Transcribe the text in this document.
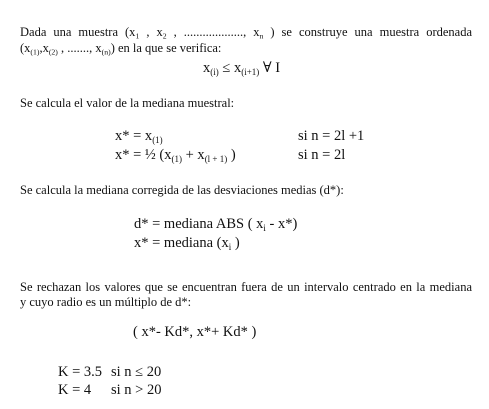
Dada una muestra ($x_1$ , $x_2$ , ..................., $x_n$ ) se construye una muestra ordenada
($x_{(1)},x_{(2)}$ , ......., $x_{(n)}$) en la que se verifica:
$x_{(i)} \le x_{(i+1)}$ ∀ I
Se calcula el valor de la mediana muestral:
$x* = x_{(1)}$	si n = 2l +1
x* = ½ ($x_{(1)} + x_{(l + 1)}$ )	si n = 2l
Se calcula la mediana corregida de las desviaciones medias (d*):
d* = mediana ABS ( $x_i - x*$)
x* = mediana ($x_i$ )
Se rechazan los valores que se encuentran fuera de un intervalo centrado en la mediana
y cuyo radio es un múltiplo de d*:
( x*- Kd*, x*+ Kd* )
K = 3.5 si n ≤ 20
K = 4 si n > 20
